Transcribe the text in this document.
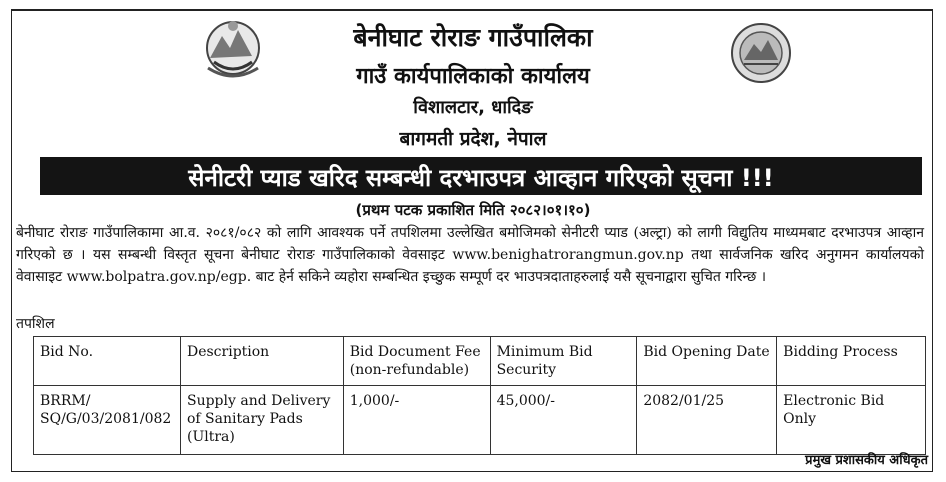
बेनीघाट रोराङ गाउँपालिका
गाउँ कार्यपालिकाको कार्यालय
विशालटार, धादिङ
बागमती प्रदेश, नेपाल
सेनीटरी प्याड खरिद सम्बन्धी दरभाउपत्र आव्हान गरिएको सूचना !!!
(प्रथम पटक प्रकाशित मिति २०८२।०१।१०)
बेनीघाट रोराङ गाउँपालिकामा आ.व. २०८१/०८२ को लागि आवश्यक पर्ने तपशिलमा उल्लेखित बमोजिमको सेनीटरी प्याड (अल्ट्रा) को लागी विद्युतिय माध्यमबाट दरभाउपत्र आव्हान गरिएको छ । यस सम्बन्धी विस्तृत सूचना बेनीघाट रोराङ गाउँपालिकाको वेवसाइट www.benighatrorangmun.gov.np तथा सार्वजनिक खरिद अनुगमन कार्यालयको वेवासाइट www.bolpatra.gov.np/egp. बाट हेर्न सकिने व्यहोरा सम्बन्धित इच्छुक सम्पूर्ण दर भाउपत्रदाताहरुलाई यसै सूचनाद्वारा सुचित गरिन्छ ।
तपशिल
Bid No.	Description	Bid Document Fee (non-refundable)	Minimum Bid Security	Bid Opening Date	Bidding Process
BRRM/ SQ/G/03/2081/082	Supply and Delivery of Sanitary Pads (Ultra)	1,000/-	45,000/-	2082/01/25	Electronic Bid Only
प्रमुख प्रशासकीय अधिकृत
